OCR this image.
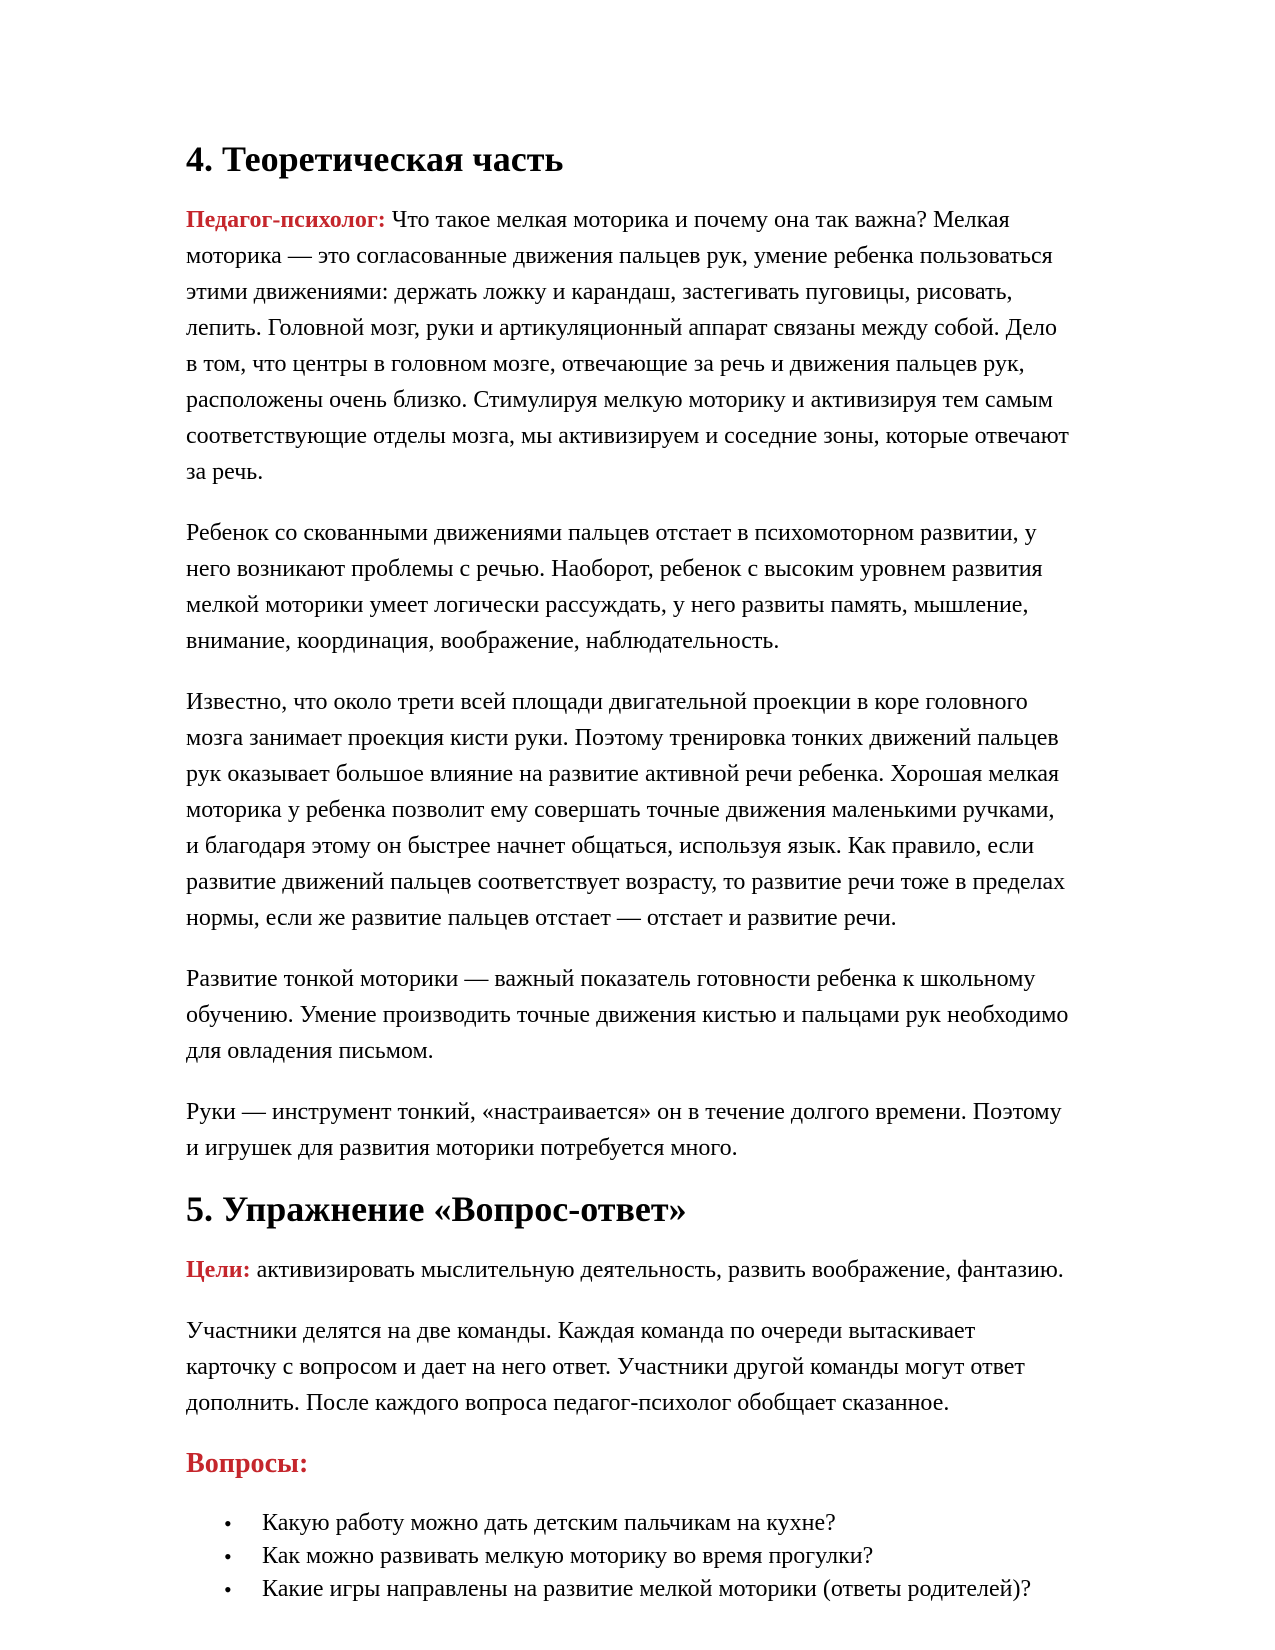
4. Теоретическая часть

Педагог-психолог: Что такое мелкая моторика и почему она так важна? Мелкая моторика — это согласованные движения пальцев рук, умение ребенка пользоваться этими движениями: держать ложку и карандаш, застегивать пуговицы, рисовать, лепить. Головной мозг, руки и артикуляционный аппарат связаны между собой. Дело в том, что центры в головном мозге, отвечающие за речь и движения пальцев рук, расположены очень близко. Стимулируя мелкую моторику и активизируя тем самым соответствующие отделы мозга, мы активизируем и соседние зоны, которые отвечают за речь.

Ребенок со скованными движениями пальцев отстает в психомоторном развитии, у него возникают проблемы с речью. Наоборот, ребенок с высоким уровнем развития мелкой моторики умеет логически рассуждать, у него развиты память, мышление, внимание, координация, воображение, наблюдательность.

Известно, что около трети всей площади двигательной проекции в коре головного мозга занимает проекция кисти руки. Поэтому тренировка тонких движений пальцев рук оказывает большое влияние на развитие активной речи ребенка. Хорошая мелкая моторика у ребенка позволит ему совершать точные движения маленькими ручками, и благодаря этому он быстрее начнет общаться, используя язык. Как правило, если развитие движений пальцев соответствует возрасту, то развитие речи тоже в пределах нормы, если же развитие пальцев отстает — отстает и развитие речи.

Развитие тонкой моторики — важный показатель готовности ребенка к школьному обучению. Умение производить точные движения кистью и пальцами рук необходимо для овладения письмом.

Руки — инструмент тонкий, «настраивается» он в течение долгого времени. Поэтому и игрушек для развития моторики потребуется много.

5. Упражнение «Вопрос-ответ»

Цели: активизировать мыслительную деятельность, развить воображение, фантазию.

Участники делятся на две команды. Каждая команда по очереди вытаскивает карточку с вопросом и дает на него ответ. Участники другой команды могут ответ дополнить. После каждого вопроса педагог-психолог обобщает сказанное.

Вопросы:
• Какую работу можно дать детским пальчикам на кухне?
• Как можно развивать мелкую моторику во время прогулки?
• Какие игры направлены на развитие мелкой моторики (ответы родителей)?
